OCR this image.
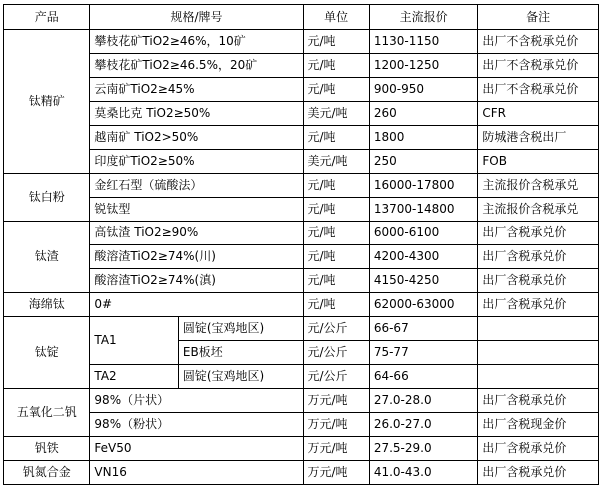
产品	规格/牌号		单位	主流报价	备注
钛精矿	攀枝花矿TiO2≥46%，10矿		元/吨	1130-1150	出厂不含税承兑价
	攀枝花矿TiO2≥46.5%，20矿		元/吨	1200-1250	出厂不含税承兑价
	云南矿TiO2≥45%		元/吨	900-950	出厂不含税承兑价
	莫桑比克 TiO2≥50%		美元/吨	260	CFR
	越南矿 TiO2>50%		元/吨	1800	防城港含税出厂
	印度矿TiO2≥50%		美元/吨	250	FOB
钛白粉	金红石型（硫酸法）		元/吨	16000-17800	主流报价含税承兑
	锐钛型		元/吨	13700-14800	主流报价含税承兑
钛渣	高钛渣 TiO2≥90%		元/吨	6000-6100	出厂含税承兑价
	酸溶渣TiO2≥74%(川)		元/吨	4200-4300	出厂含税承兑价
	酸溶渣TiO2≥74%(滇)		元/吨	4150-4250	出厂含税承兑价
海绵钛	0#		元/吨	62000-63000	出厂含税承兑价
钛锭	TA1	圆锭(宝鸡地区)	元/公斤	66-67	
		EB板坯	元/公斤	75-77	
	TA2	圆锭(宝鸡地区)	元/公斤	64-66	
五氧化二钒	98%（片状）		万元/吨	27.0-28.0	出厂含税承兑价
	98%（粉状）		万元/吨	26.0-27.0	出厂含税现金价
钒铁	FeV50		万元/吨	27.5-29.0	出厂含税承兑价
钒氮合金	VN16		万元/吨	41.0-43.0	出厂含税承兑价
